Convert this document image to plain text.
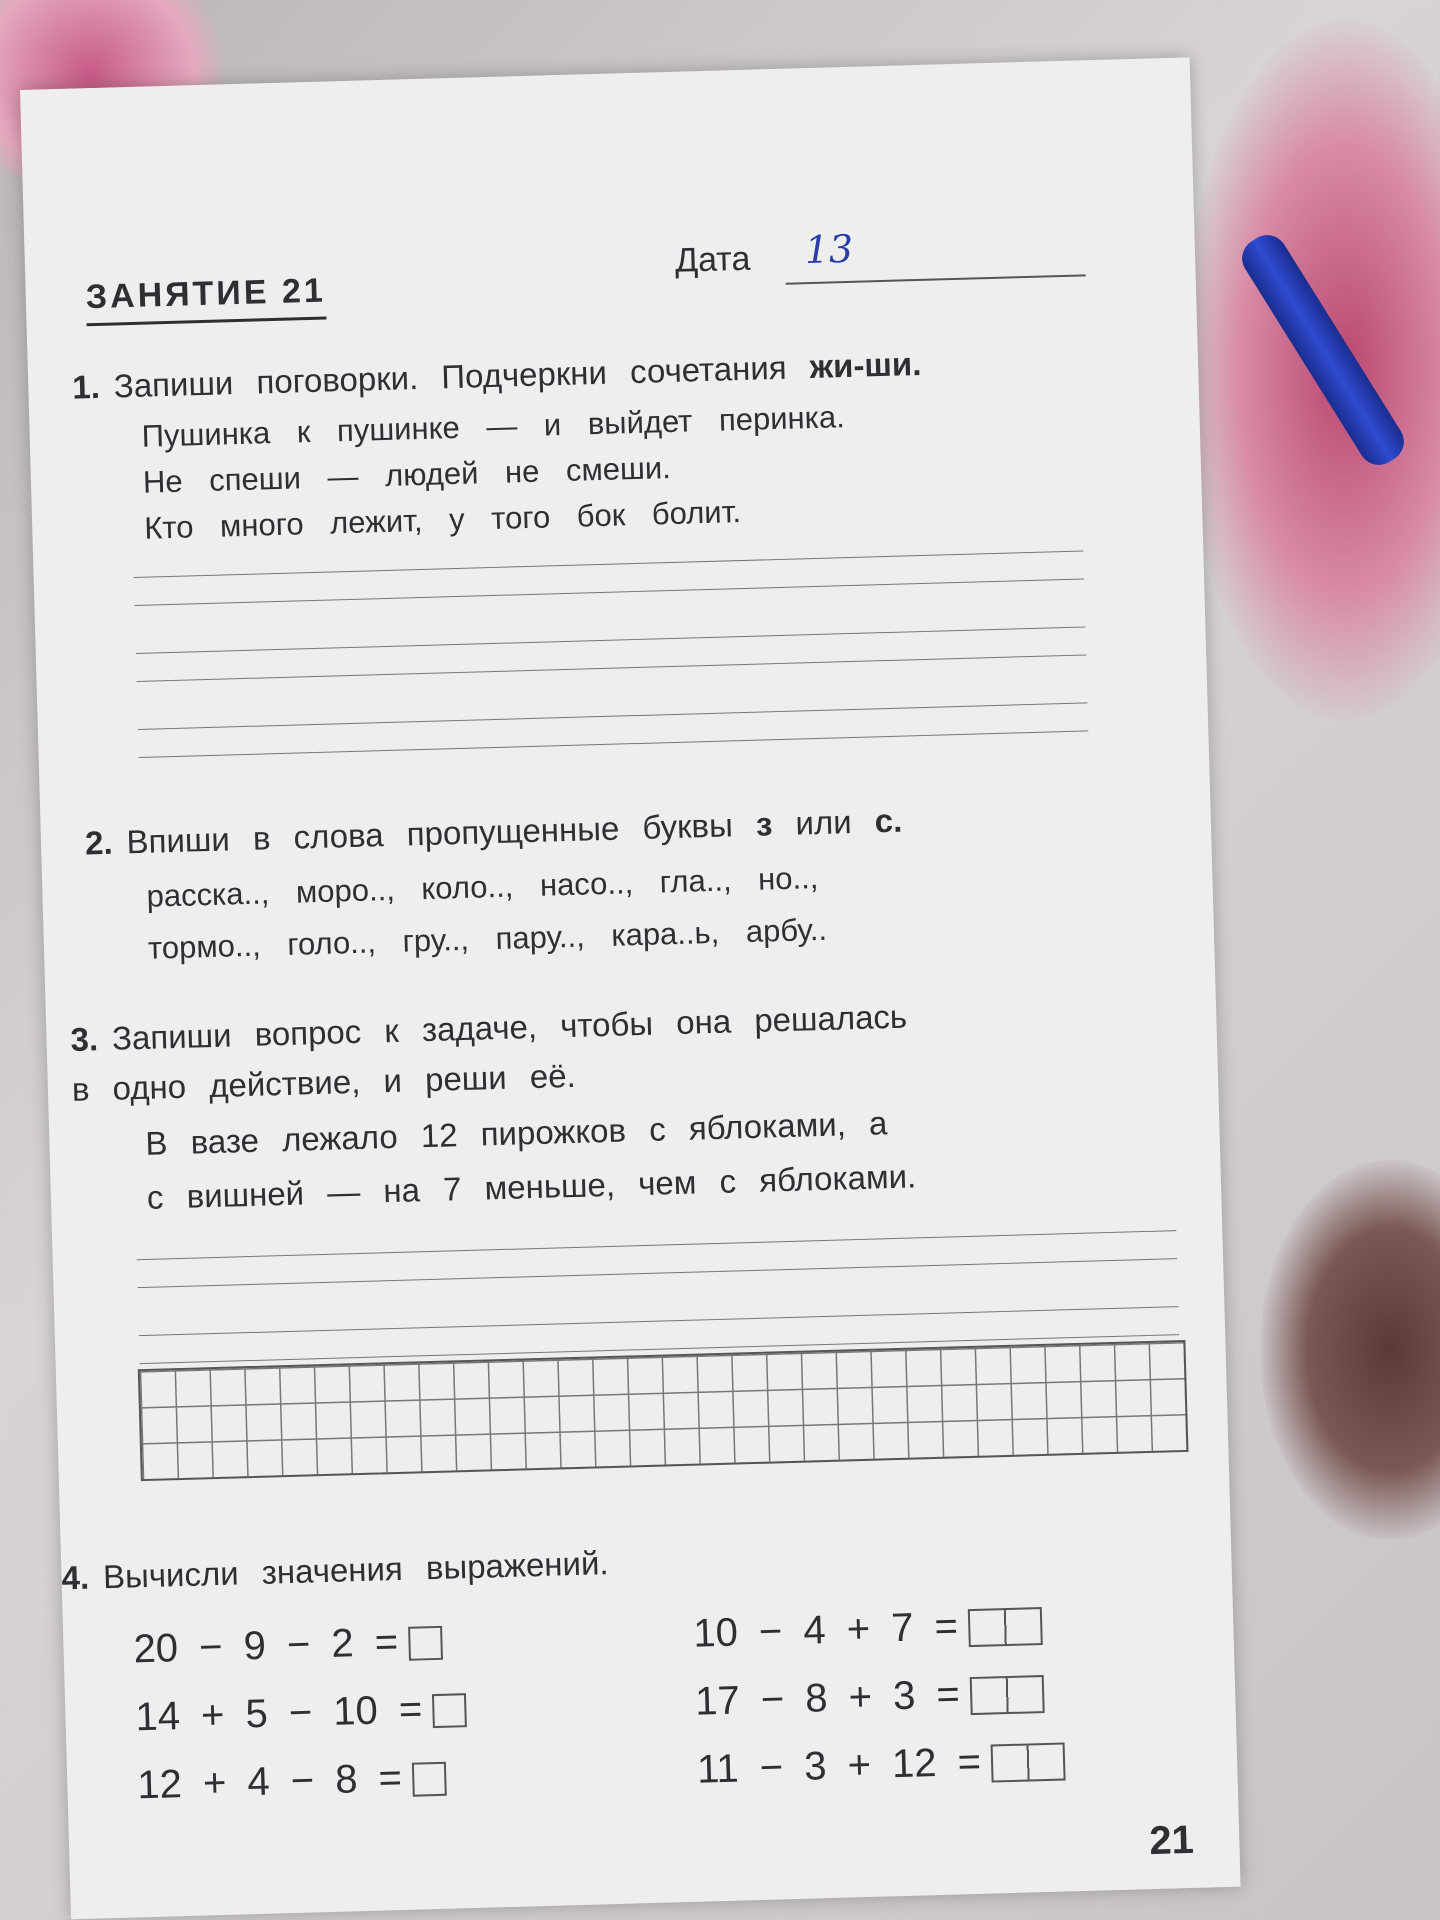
ЗАНЯТИЕ 21
Дата 13
1. Запиши поговорки. Подчеркни сочетания жи-ши.
Пушинка к пушинке — и выйдет перинка.
Не спеши — людей не смеши.
Кто много лежит, у того бок болит.
2. Впиши в слова пропущенные буквы з или с.
расска.., моро.., коло.., насо.., гла.., но..,
тормо.., голо.., гру.., пару.., кара..ь, арбу..
3. Запиши вопрос к задаче, чтобы она решалась
в одно действие, и реши её.
В вазе лежало 12 пирожков с яблоками, а
с вишней — на 7 меньше, чем с яблоками.
4. Вычисли значения выражений.
20 − 9 − 2 =
14 + 5 − 10 =
12 + 4 − 8 =
10 − 4 + 7 =
17 − 8 + 3 =
11 − 3 + 12 =
21
